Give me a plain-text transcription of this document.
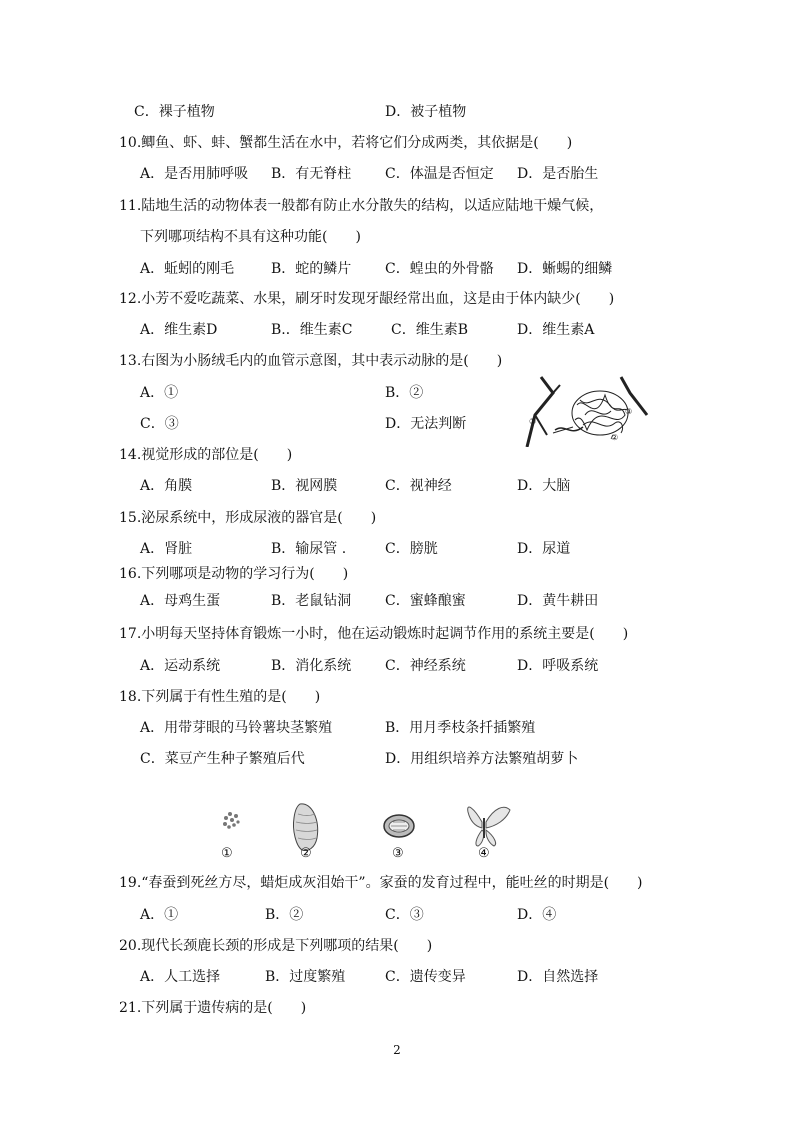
C．裸子植物	D．被子植物
10.鲫鱼、虾、蚌、蟹都生活在水中，若将它们分成两类，其依据是(　　)
A．是否用肺呼吸 B．有无脊柱 C．体温是否恒定 D．是否胎生
11.陆地生活的动物体表一般都有防止水分散失的结构，以适应陆地干燥气候，
下列哪项结构不具有这种功能(　　)
A．蚯蚓的刚毛	B．蛇的鳞片 C．蝗虫的外骨骼 D．蜥蜴的细鳞
12.小芳不爱吃蔬菜、水果，刷牙时发现牙龈经常出血，这是由于体内缺少(　　)
A．维生素D	B.．维生素C	C．维生素B	D．维生素A
13.右图为小肠绒毛内的血管示意图，其中表示动脉的是(　　)
A．①	B．②
C．③	D．无法判断	①
②
③
14.视觉形成的部位是(　　)
A．角膜	B．视网膜	C．视神经	D．大脑
15.泌尿系统中，形成尿液的器官是(　　)
A．肾脏	B．输尿管 .	C．膀胱	D．尿道
16.下列哪项是动物的学习行为(　　)
A．母鸡生蛋	B．老鼠钻洞 C．蜜蜂酿蜜	D．黄牛耕田
17.小明每天坚持体育锻炼一小时，他在运动锻炼时起调节作用的系统主要是(　　)
A．运动系统	B．消化系统 C．神经系统	D．呼吸系统
18.下列属于有性生殖的是(　　)
A．用带芽眼的马铃薯块茎繁殖	B．用月季枝条扦插繁殖
C．菜豆产生种子繁殖后代	D．用组织培养方法繁殖胡萝卜
①	②	③	④
19.“春蚕到死丝方尽，蜡炬成灰泪始干”。家蚕的发育过程中，能吐丝的时期是(　　)
A．①	B．②	C．③	D．④
20.现代长颈鹿长颈的形成是下列哪项的结果(　　)
A．人工选择	B．过度繁殖	C．遗传变异	D．自然选择
21.下列属于遗传病的是(　　)
2
